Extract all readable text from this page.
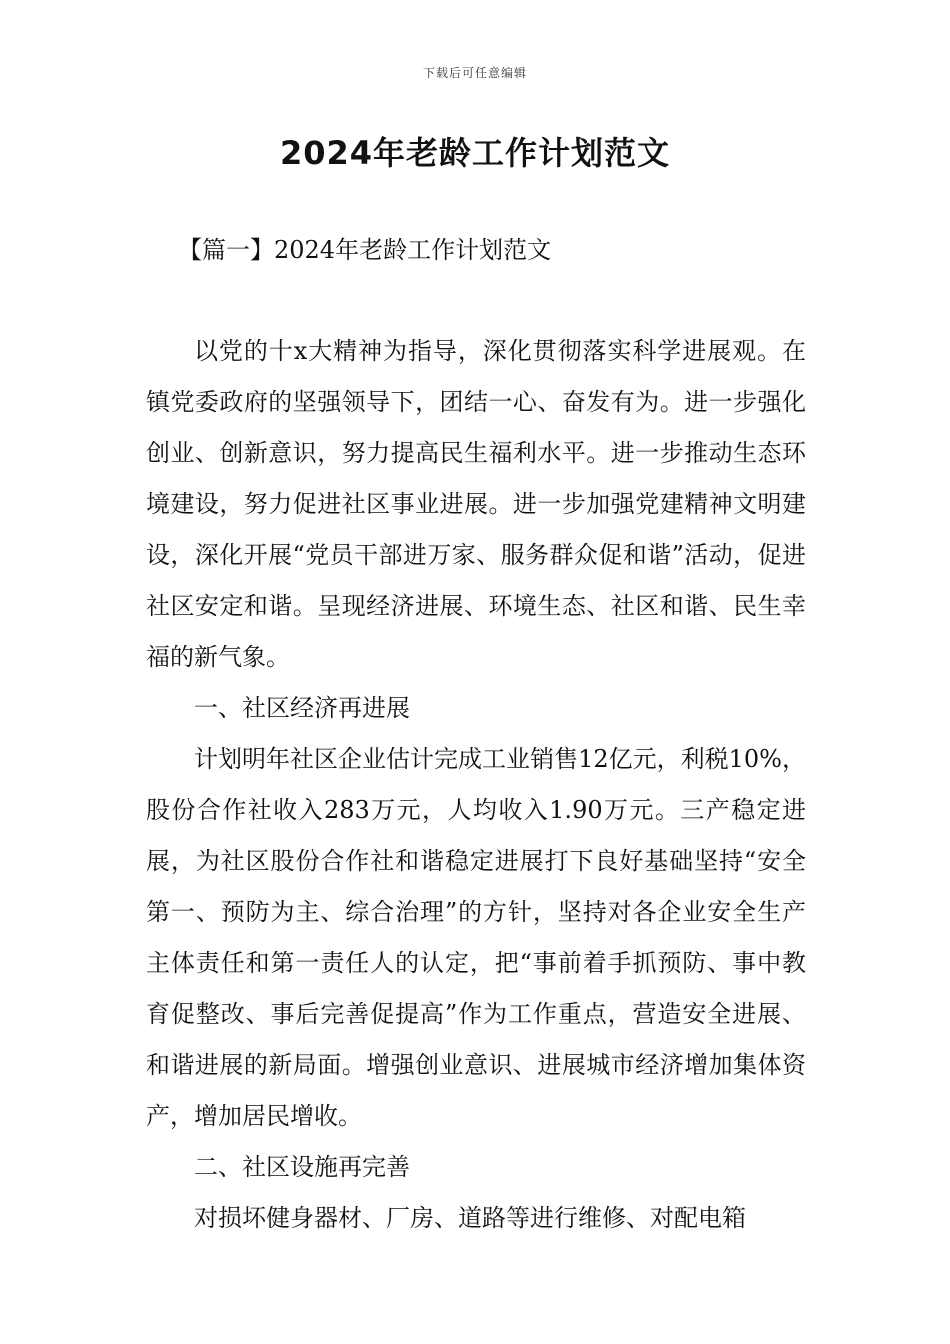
下载后可任意编辑
2024年老龄工作计划范文
【篇一】2024年老龄工作计划范文

以党的十x大精神为指导，深化贯彻落实科学进展观。在镇党委政府的坚强领导下，团结一心、奋发有为。进一步强化创业、创新意识，努力提高民生福利水平。进一步推动生态环境建设，努力促进社区事业进展。进一步加强党建精神文明建设，深化开展“党员干部进万家、服务群众促和谐”活动，促进社区安定和谐。呈现经济进展、环境生态、社区和谐、民生幸福的新气象。

一、社区经济再进展

计划明年社区企业估计完成工业销售12亿元，利税10%，股份合作社收入283万元，人均收入1.90万元。三产稳定进展，为社区股份合作社和谐稳定进展打下良好基础坚持“安全第一、预防为主、综合治理”的方针，坚持对各企业安全生产主体责任和第一责任人的认定，把“事前着手抓预防、事中教育促整改、事后完善促提高”作为工作重点，营造安全进展、和谐进展的新局面。增强创业意识、进展城市经济增加集体资产，增加居民增收。

二、社区设施再完善

对损坏健身器材、厂房、道路等进行维修、对配电箱
